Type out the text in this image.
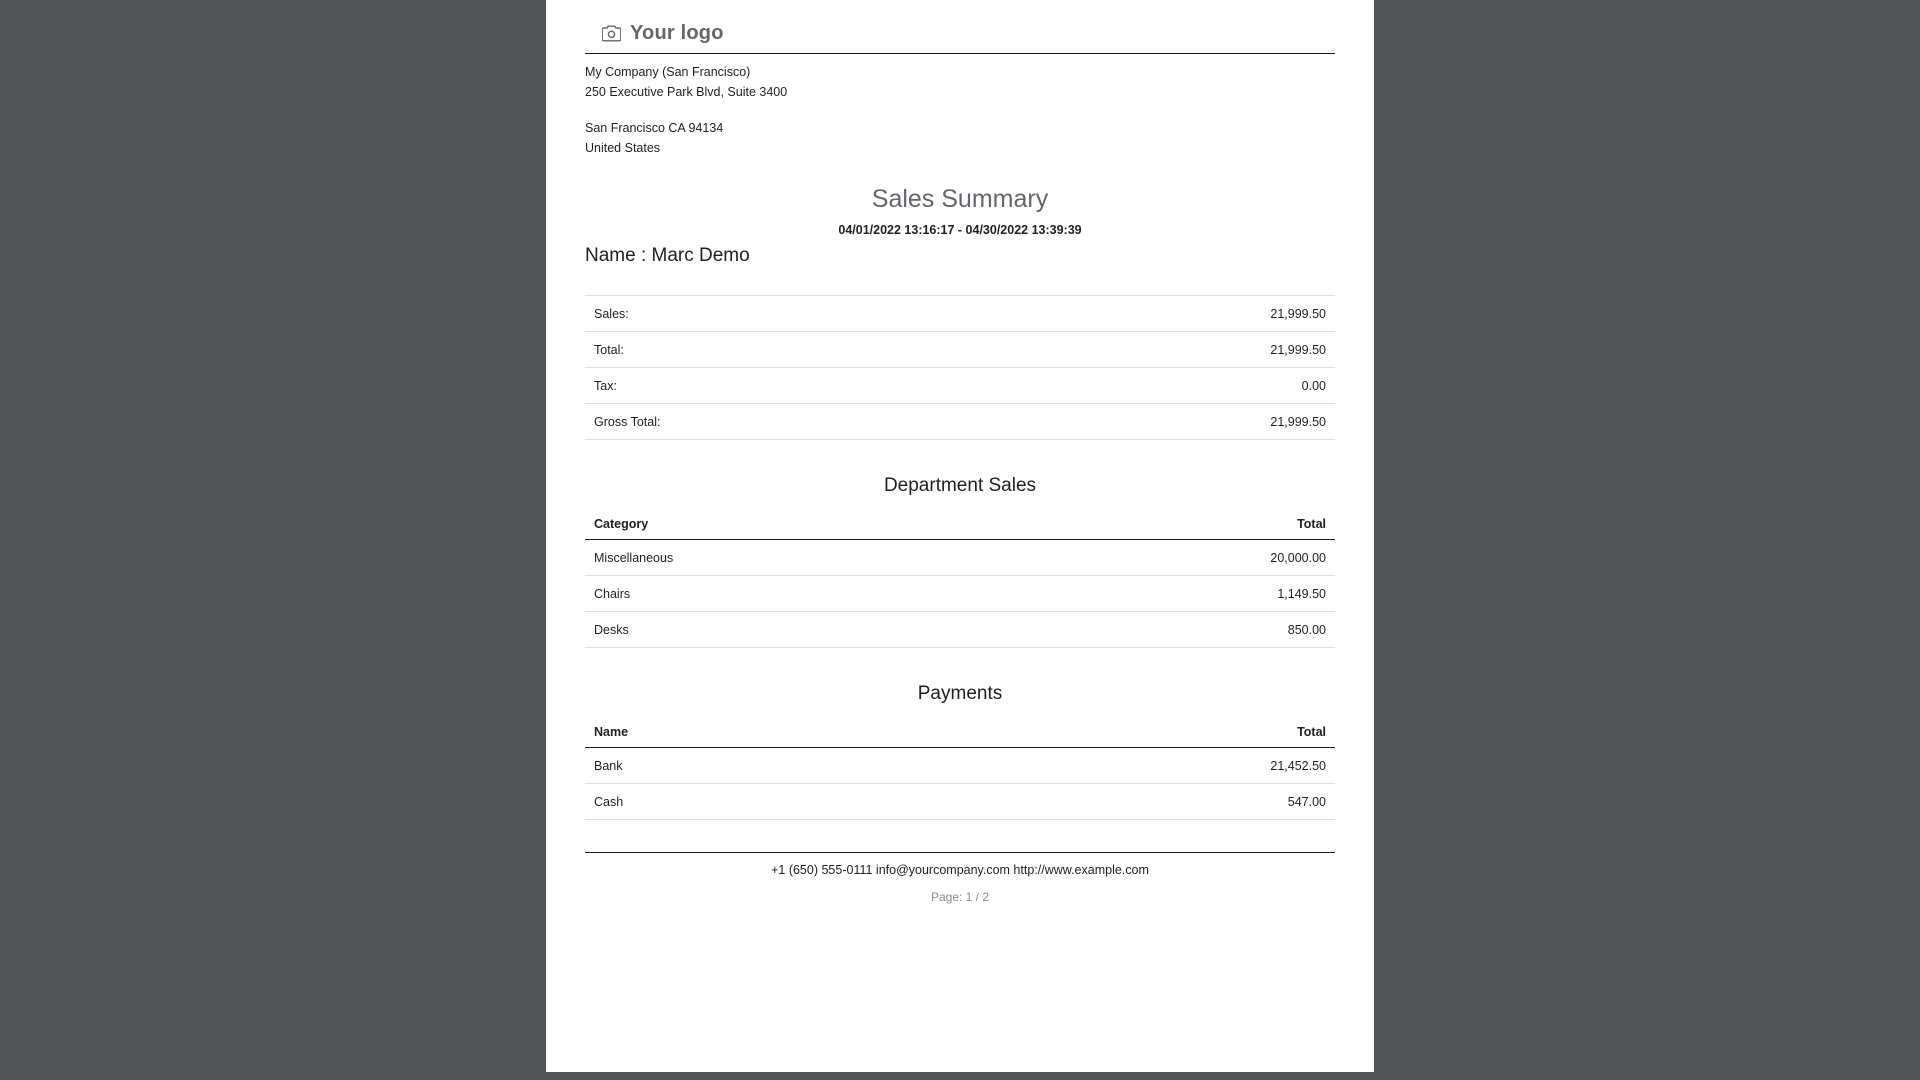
Your logo
My Company (San Francisco)
250 Executive Park Blvd, Suite 3400
San Francisco CA 94134
United States
Sales Summary
04/01/2022 13:16:17 - 04/30/2022 13:39:39
Name : Marc Demo
Sales:	21,999.50
Total:	21,999.50
Tax:	0.00
Gross Total:	21,999.50
Department Sales
Category	Total
Miscellaneous	20,000.00
Chairs	1,149.50
Desks	850.00
Payments
Name	Total
Bank	21,452.50
Cash	547.00
+1 (650) 555-0111 info@yourcompany.com http://www.example.com
Page: 1 / 2
